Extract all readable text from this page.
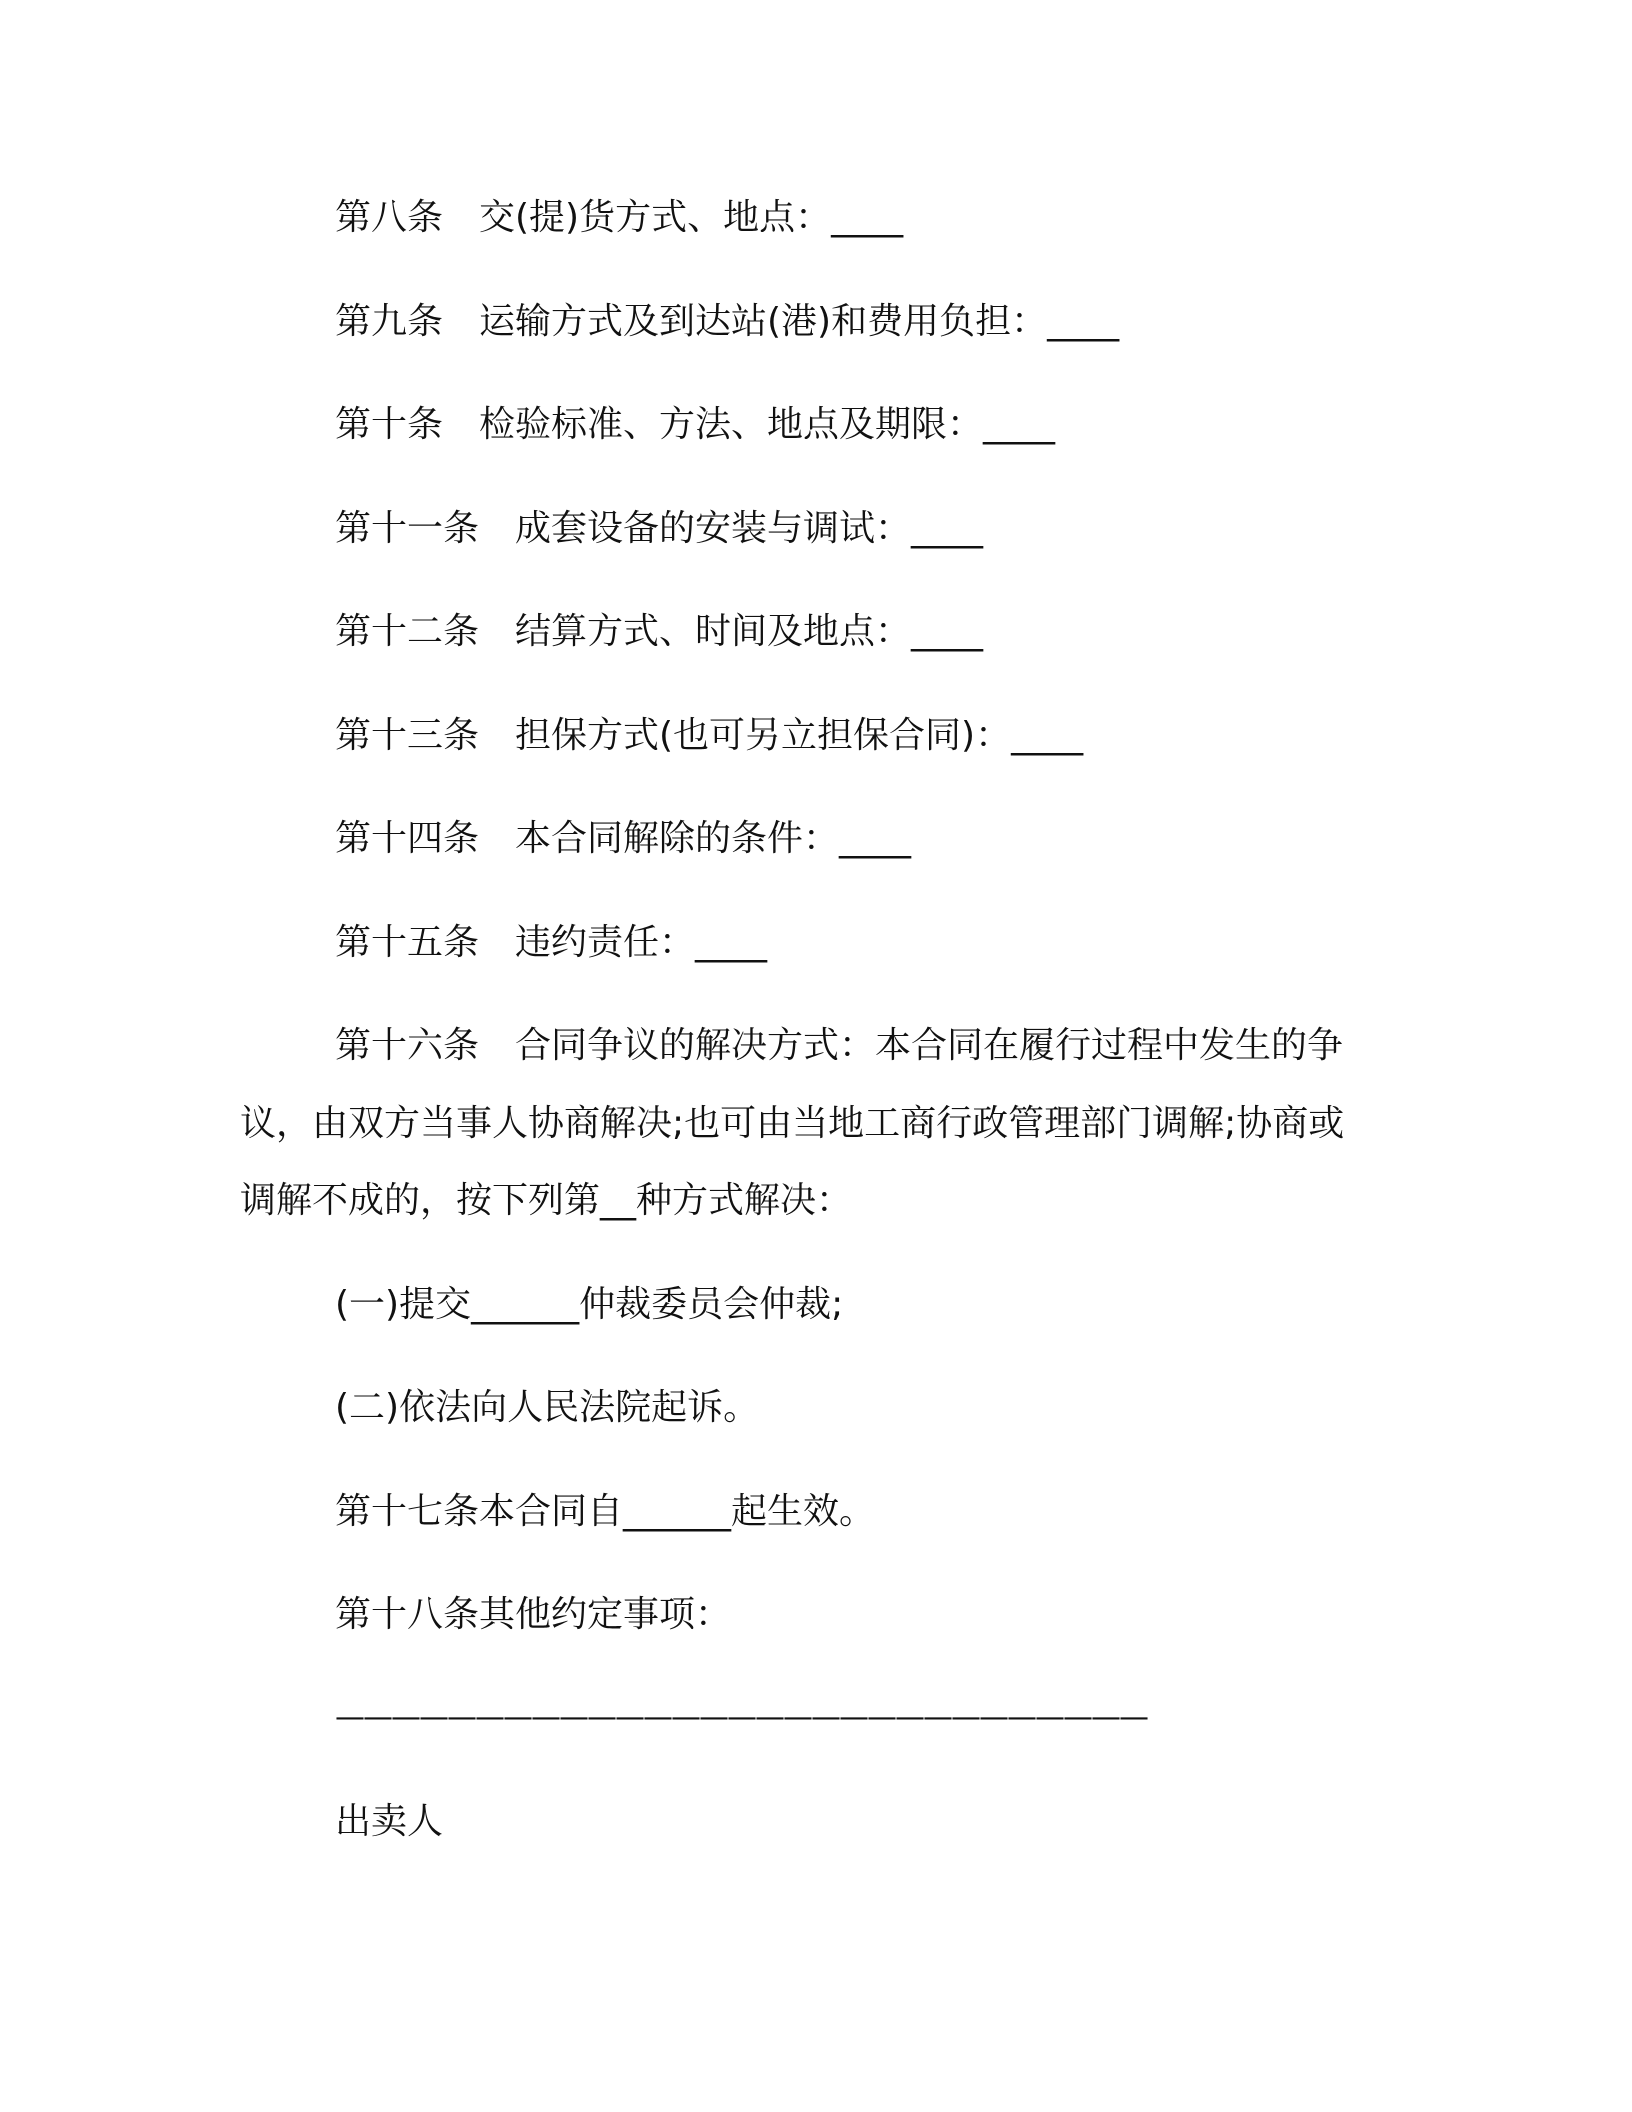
第八条　交(提)货方式、地点：____
第九条　运输方式及到达站(港)和费用负担：____
第十条　检验标准、方法、地点及期限：____
第十一条　成套设备的安装与调试：____
第十二条　结算方式、时间及地点：____
第十三条　担保方式(也可另立担保合同)：____
第十四条　本合同解除的条件：____
第十五条　违约责任：____
第十六条　合同争议的解决方式：本合同在履行过程中发生的争
议，由双方当事人协商解决;也可由当地工商行政管理部门调解;协商或
调解不成的，按下列第__种方式解决：
(一)提交______仲裁委员会仲裁;
(二)依法向人民法院起诉。
第十七条本合同自______起生效。
第十八条其他约定事项：
—————————————————————————————
出卖人
